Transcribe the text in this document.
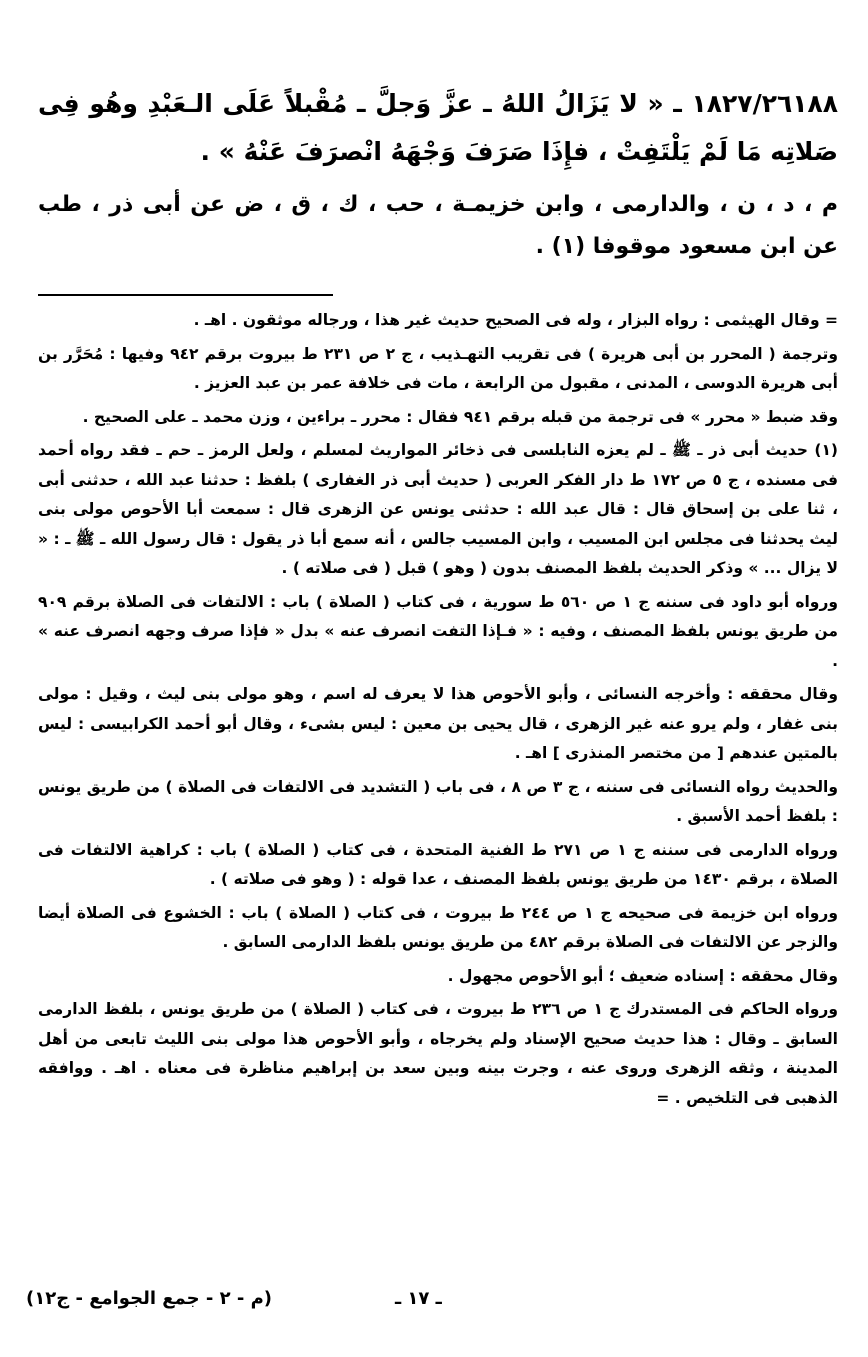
١٨٢٧/٢٦١٨٨ ـ « لا يَزَالُ اللهُ ـ عزَّ وَجلَّ ـ مُقْبلاً عَلَى الـعَبْدِ وهُو فِى صَلاتِه مَا لَمْ يَلْتَفِتْ ، فإِذَا صَرَفَ وَجْهَهُ انْصرَفَ عَنْهُ » .

م ، د ، ن ، والدارمى ، وابن خزيمـة ، حب ، ك ، ق ، ض عن أبى ذر ، طب عن ابن مسعود موقوفا (١) .

= وقال الهيثمى : رواه البزار ، وله فى الصحيح حديث غير هذا ، ورجاله موثقون . اهـ .

وترجمة ( المحرر بن أبى هريرة ) فى تقريب التهـذيب ، ج ٢ ص ٢٣١ ط بيروت برقم ٩٤٢ وفيها : مُحَرَّر بن أبى هريرة الدوسى ، المدنى ، مقبول من الرابعة ، مات فى خلافة عمر بن عبد العزيز .

وقد ضبط « محرر » فى ترجمة من قبله برقم ٩٤١ فقال : محرر ـ براءين ، وزن محمد ـ على الصحيح .

(١) حديث أبى ذر ـ ﷺ ـ لم يعزه النابلسى فى ذخائر المواريث لمسلم ، ولعل الرمز ـ حم ـ فقد رواه أحمد فى مسنده ، ج ٥ ص ١٧٢ ط دار الفكر العربى ( حديث أبى ذر الغفارى ) بلفظ : حدثنا عبد الله ، حدثنى أبى ، ثنا على بن إسحاق قال : قال عبد الله : حدثنى يونس عن الزهرى قال : سمعت أبا الأحوص مولى بنى ليث يحدثنا فى مجلس ابن المسيب ، وابن المسيب جالس ، أنه سمع أبا ذر يقول : قال رسول الله ـ ﷺ ـ : « لا يزال ... » وذكر الحديث بلفظ المصنف بدون ( وهو ) قبل ( فى صلاته ) .

ورواه أبو داود فى سننه ج ١ ص ٥٦٠ ط سورية ، فى كتاب ( الصلاة ) باب : الالتفات فى الصلاة برقم ٩٠٩ من طريق يونس بلفظ المصنف ، وفيه : « فـإذا التفت انصرف عنه » بدل « فإذا صرف وجهه انصرف عنه » .

وقال محققه : وأخرجه النسائى ، وأبو الأحوص هذا لا يعرف له اسم ، وهو مولى بنى ليث ، وقيل : مولى بنى غفار ، ولم يرو عنه غير الزهرى ، قال يحيى بن معين : ليس بشىء ، وقال أبو أحمد الكرابيسى : ليس بالمتين عندهم [ من مختصر المنذرى ] اهـ .

والحديث رواه النسائى فى سننه ، ج ٣ ص ٨ ، فى باب ( التشديد فى الالتفات فى الصلاة ) من طريق يونس : بلفظ أحمد الأسبق .

ورواه الدارمى فى سننه ج ١ ص ٢٧١ ط الفنية المتحدة ، فى كتاب ( الصلاة ) باب : كراهية الالتفات فى الصلاة ، برقم ١٤٣٠ من طريق يونس بلفظ المصنف ، عدا قوله : ( وهو فى صلاته ) .

ورواه ابن خزيمة فى صحيحه ج ١ ص ٢٤٤ ط بيروت ، فى كتاب ( الصلاة ) باب : الخشوع فى الصلاة أيضا والزجر عن الالتفات فى الصلاة برقم ٤٨٢ من طريق يونس بلفظ الدارمى السابق .

وقال محققه : إسناده ضعيف ؛ أبو الأحوص مجهول .

ورواه الحاكم فى المستدرك ج ١ ص ٢٣٦ ط بيروت ، فى كتاب ( الصلاة ) من طريق يونس ، بلفظ الدارمى السابق ـ وقال : هذا حديث صحيح الإسناد ولم يخرجاه ، وأبو الأحوص هذا مولى بنى الليث تابعى من أهل المدينة ، وثقه الزهرى وروى عنه ، وجرت بينه وبين سعد بن إبراهيم مناظرة فى معناه . اهـ . ووافقه الذهبى فى التلخيص . =

(م - ٢ - جمع الجوامع - ج١٢)	ـ ١٧ ـ
